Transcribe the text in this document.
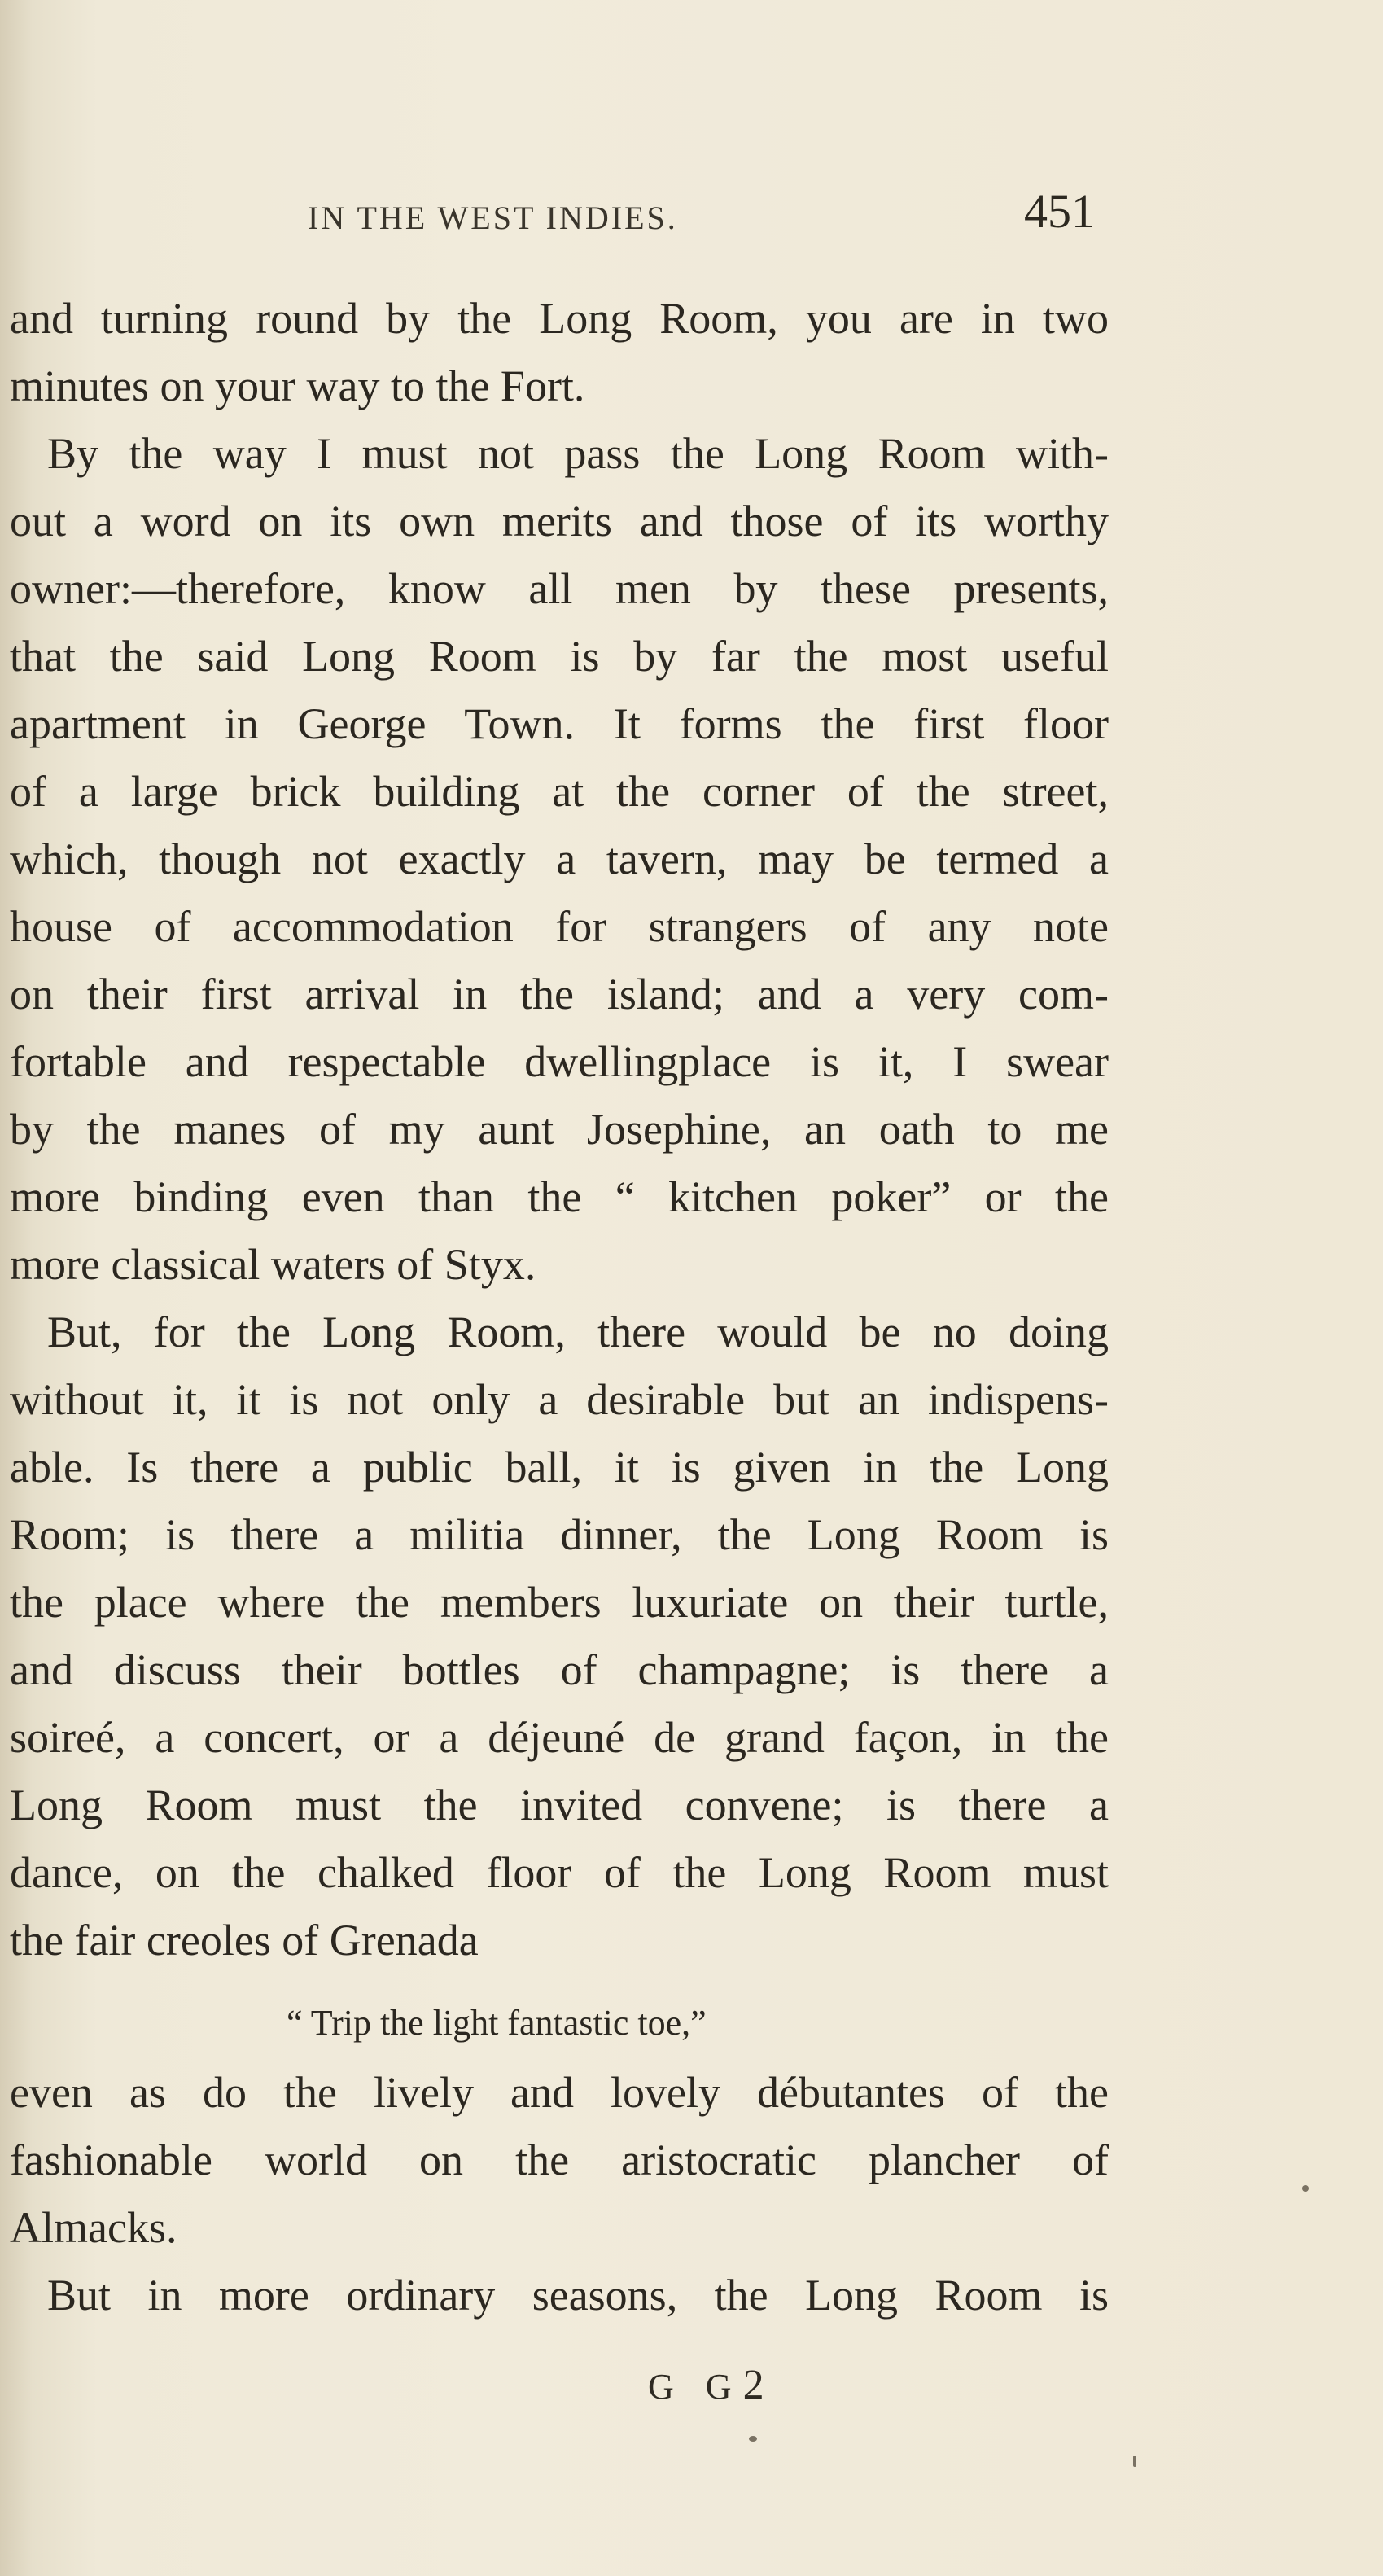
IN THE WEST INDIES.	451
and turning round by the Long Room, you are in two
minutes on your way to the Fort.
By the way I must not pass the Long Room with-
out a word on its own merits and those of its worthy
owner:—therefore, know all men by these presents,
that the said Long Room is by far the most useful
apartment in George Town. It forms the first floor
of a large brick building at the corner of the street,
which, though not exactly a tavern, may be termed a
house of accommodation for strangers of any note
on their first arrival in the island; and a very com-
fortable and respectable dwellingplace is it, I swear
by the manes of my aunt Josephine, an oath to me
more binding even than the “ kitchen poker” or the
more classical waters of Styx.
But, for the Long Room, there would be no doing
without it, it is not only a desirable but an indispens-
able. Is there a public ball, it is given in the Long
Room; is there a militia dinner, the Long Room is
the place where the members luxuriate on their turtle,
and discuss their bottles of champagne; is there a
soireé, a concert, or a déjeuné de grand façon, in the
Long Room must the invited convene; is there a
dance, on the chalked floor of the Long Room must
the fair creoles of Grenada
“ Trip the light fantastic toe,”
even as do the lively and lovely débutantes of the
fashionable world on the aristocratic plancher of
Almacks.
But in more ordinary seasons, the Long Room is
G G2
